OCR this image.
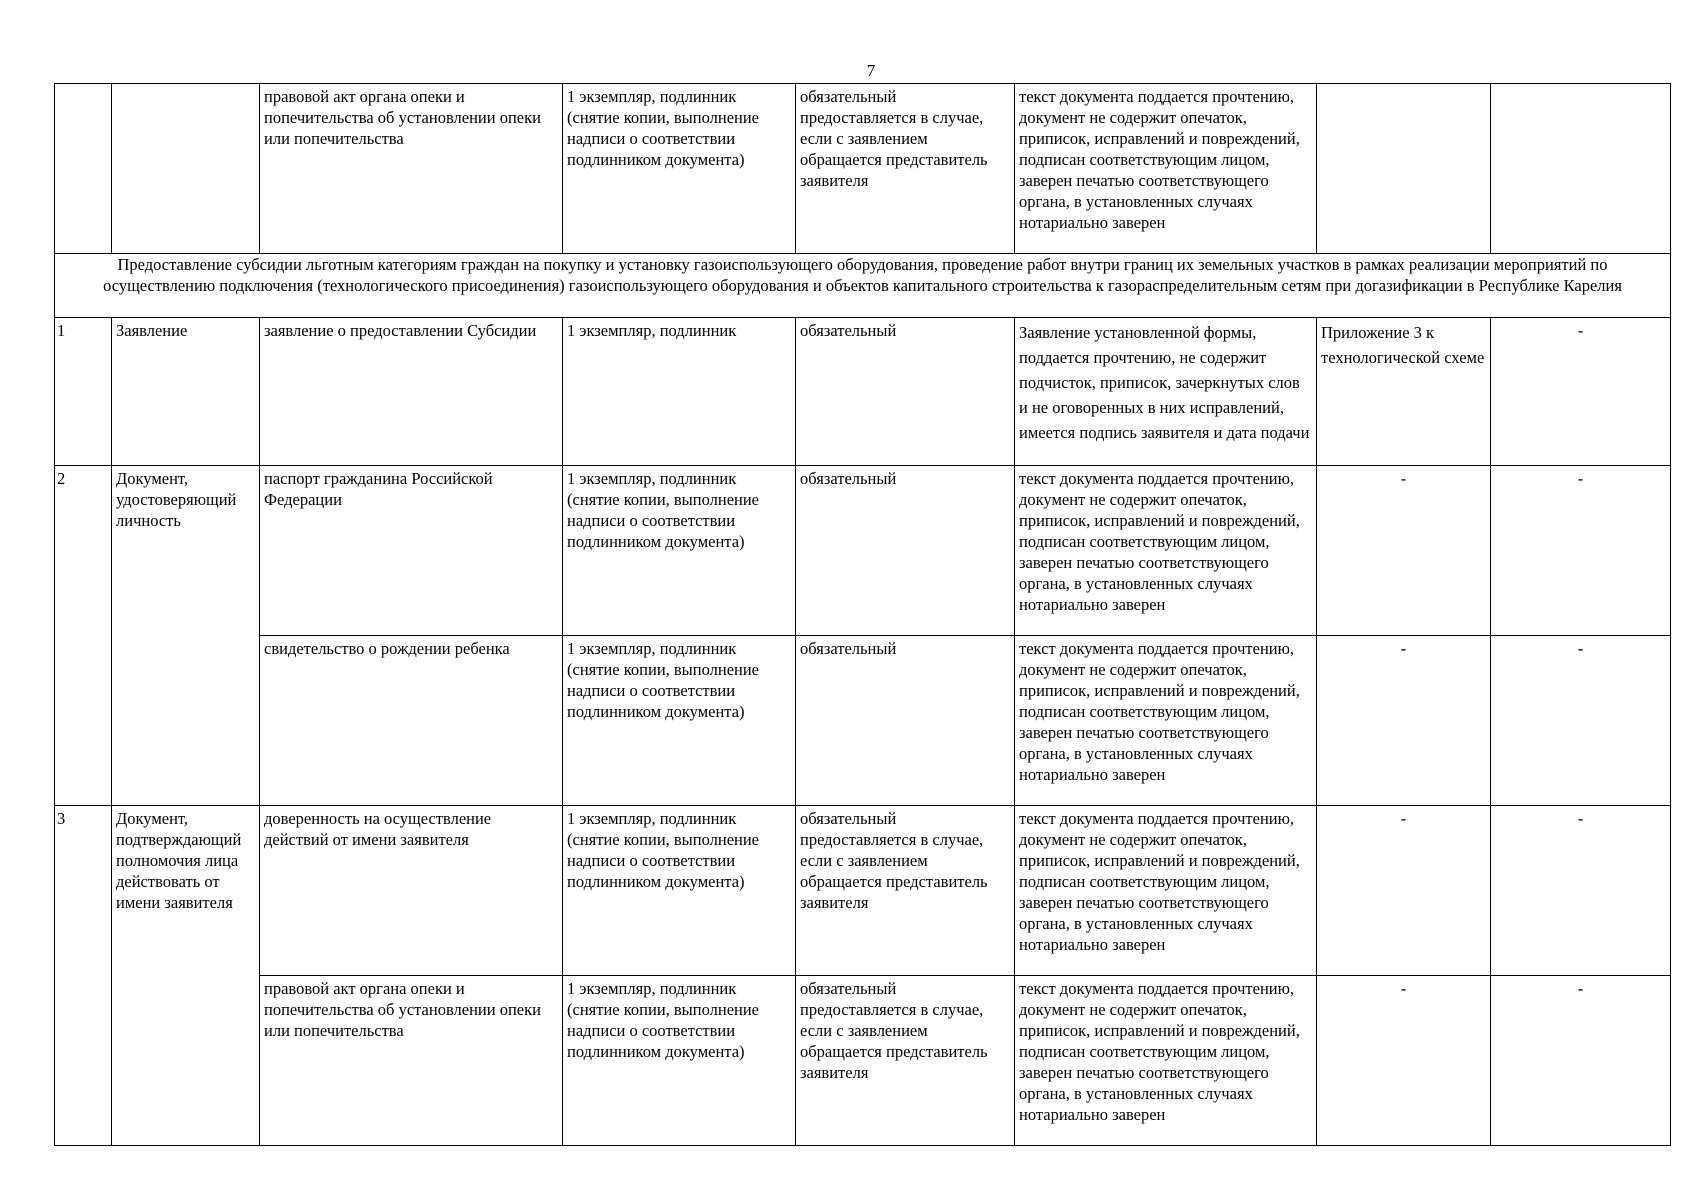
7
		правовой акт органа опеки и попечительства об установлении опеки или попечительства	1 экземпляр, подлинник (снятие копии, выполнение надписи о соответствии подлинником документа)	обязательный предоставляется в случае, если с заявлением обращается представитель заявителя	текст документа поддается прочтению, документ не содержит опечаток, приписок, исправлений и повреждений, подписан соответствующим лицом, заверен печатью соответствующего органа, в установленных случаях нотариально заверен		
Предоставление субсидии льготным категориям граждан на покупку и установку газоиспользующего оборудования, проведение работ внутри границ их земельных участков в рамках реализации мероприятий по осуществлению подключения (технологического присоединения) газоиспользующего оборудования и объектов капитального строительства к газораспределительным сетям при догазификации в Республике Карелия							
1	Заявление	заявление о предоставлении Субсидии	1 экземпляр, подлинник	обязательный	Заявление установленной формы, поддается прочтению, не содержит подчисток, приписок, зачеркнутых слов и не оговоренных в них исправлений, имеется подпись заявителя и дата подачи	Приложение 3 к технологической схеме	-
2	Документ, удостоверяющий личность	паспорт гражданина Российской Федерации	1 экземпляр, подлинник (снятие копии, выполнение надписи о соответствии подлинником документа)	обязательный	текст документа поддается прочтению, документ не содержит опечаток, приписок, исправлений и повреждений, подписан соответствующим лицом, заверен печатью соответствующего органа, в установленных случаях нотариально заверен	-	-
		свидетельство о рождении ребенка	1 экземпляр, подлинник (снятие копии, выполнение надписи о соответствии подлинником документа)	обязательный	текст документа поддается прочтению, документ не содержит опечаток, приписок, исправлений и повреждений, подписан соответствующим лицом, заверен печатью соответствующего органа, в установленных случаях нотариально заверен	-	-
3	Документ, подтверждающий полномочия лица действовать от имени заявителя	доверенность на осуществление действий от имени заявителя	1 экземпляр, подлинник (снятие копии, выполнение надписи о соответствии подлинником документа)	обязательный предоставляется в случае, если с заявлением обращается представитель заявителя	текст документа поддается прочтению, документ не содержит опечаток, приписок, исправлений и повреждений, подписан соответствующим лицом, заверен печатью соответствующего органа, в установленных случаях нотариально заверен	-	-
		правовой акт органа опеки и попечительства об установлении опеки или попечительства	1 экземпляр, подлинник (снятие копии, выполнение надписи о соответствии подлинником документа)	обязательный предоставляется в случае, если с заявлением обращается представитель заявителя	текст документа поддается прочтению, документ не содержит опечаток, приписок, исправлений и повреждений, подписан соответствующим лицом, заверен печатью соответствующего органа, в установленных случаях нотариально заверен	-	-
